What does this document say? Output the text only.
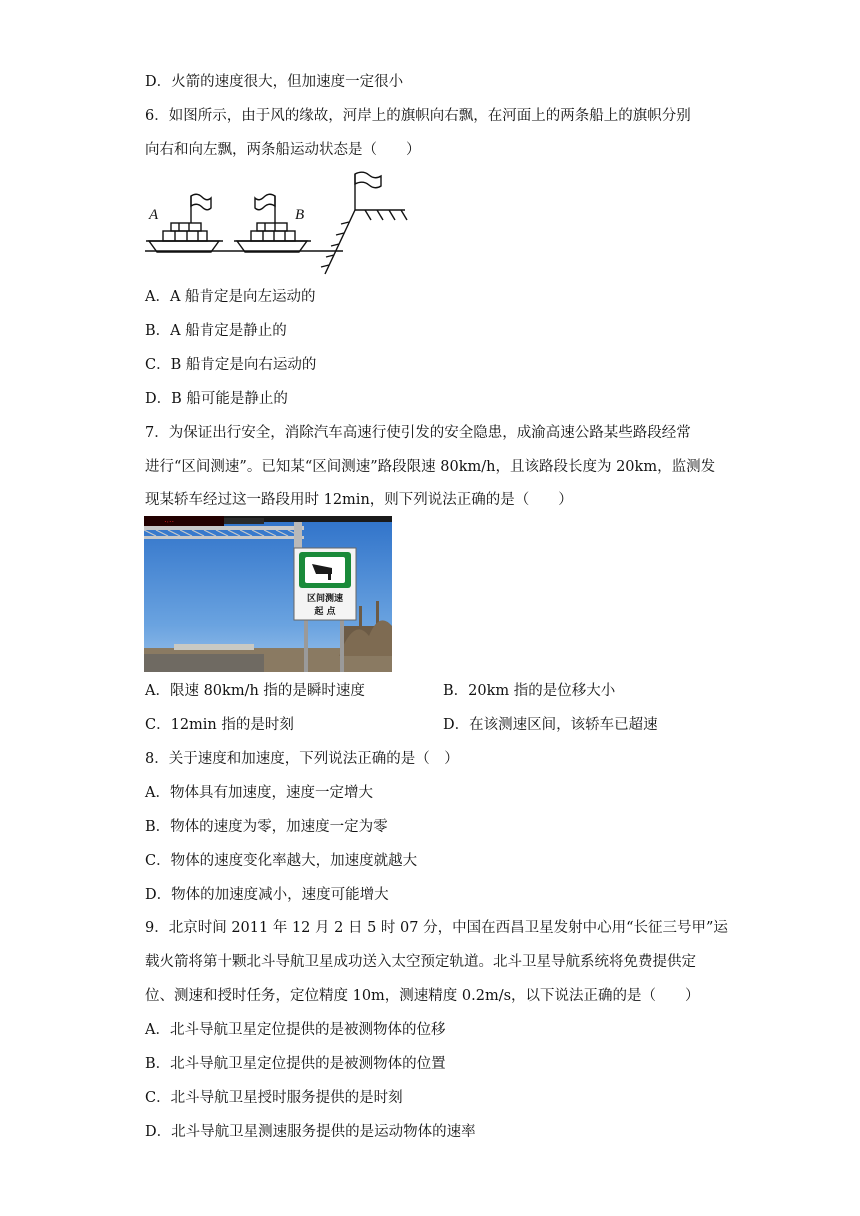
D．火箭的速度很大，但加速度一定很小
6．如图所示，由于风的缘故，河岸上的旗帜向右飘，在河面上的两条船上的旗帜分别
向右和向左飘，两条船运动状态是（　　）
A	B
A．A 船肯定是向左运动的
B．A 船肯定是静止的
C．B 船肯定是向右运动的
D．B 船可能是静止的
7．为保证出行安全，消除汽车高速行使引发的安全隐患，成渝高速公路某些路段经常
进行“区间测速”。已知某“区间测速”路段限速 80km/h，且该路段长度为 20km，监测发
现某轿车经过这一路段用时 12min，则下列说法正确的是（　　）
·∙··
区间测速
起 点
A．限速 80km/h 指的是瞬时速度	B．20km 指的是位移大小
C．12min 指的是时刻	D．在该测速区间，该轿车已超速
8．关于速度和加速度，下列说法正确的是（　）
A．物体具有加速度，速度一定增大
B．物体的速度为零，加速度一定为零
C．物体的速度变化率越大，加速度就越大
D．物体的加速度减小，速度可能增大
9．北京时间 2011 年 12 月 2 日 5 时 07 分，中国在西昌卫星发射中心用“长征三号甲”运
载火箭将第十颗北斗导航卫星成功送入太空预定轨道。北斗卫星导航系统将免费提供定
位、测速和授时任务，定位精度 10m，测速精度 0.2m/s，以下说法正确的是（　　）
A．北斗导航卫星定位提供的是被测物体的位移
B．北斗导航卫星定位提供的是被测物体的位置
C．北斗导航卫星授时服务提供的是时刻
D．北斗导航卫星测速服务提供的是运动物体的速率
